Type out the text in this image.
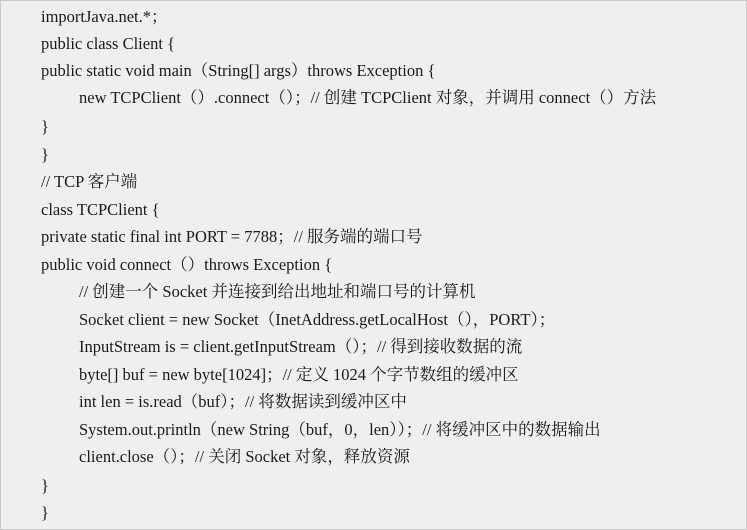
importJava.net.*；
public class Client {
public static void main（String[] args）throws Exception {
new TCPClient（）.connect（）；// 创建 TCPClient 对象，并调用 connect（）方法
}
}
// TCP 客户端
class TCPClient {
private static final int PORT = 7788；// 服务端的端口号
public void connect（）throws Exception {
// 创建一个 Socket 并连接到给出地址和端口号的计算机
Socket client = new Socket（InetAddress.getLocalHost（），PORT）；
InputStream is = client.getInputStream（）；// 得到接收数据的流
byte[] buf = new byte[1024]；// 定义 1024 个字节数组的缓冲区
int len = is.read（buf）；// 将数据读到缓冲区中
System.out.println（new String（buf，0，len））；// 将缓冲区中的数据输出
client.close（）；// 关闭 Socket 对象，释放资源
}
}
